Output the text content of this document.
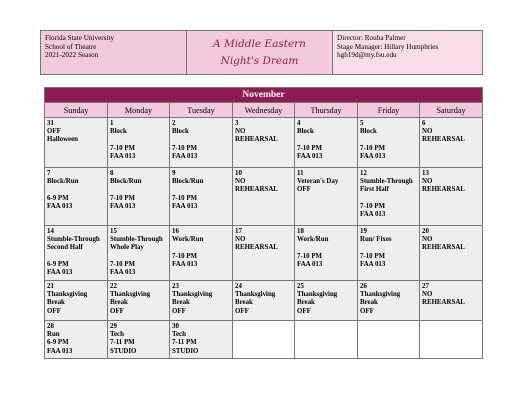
Florida State University
School of Theatre
2021-2022 Season
A Middle Eastern Night's Dream
Director: Rouba Palmer
Stage Manager: Hillary Humphries
hgh19d@my.fsu.edu
November						
Sunday	Monday	Tuesday	Wednesday	Thursday	Friday	Saturday

31
OFF
Halloween	1
Block
7-10 PM
FAA 013	2
Block
7-10 PM
FAA 013	3
NO
REHEARSAL	4
Block
7-10 PM
FAA 013	5
Block
7-10 PM
FAA 013	6
NO
REHEARSAL

7
Block/Run
6-9 PM
FAA 013	8
Block/Run
7-10 PM
FAA 013	9
Block/Run
7-10 PM
FAA 013	10
NO
REHEARSAL	11
Veteran's Day
OFF	12
Stumble-Through
First Half
7-10 PM
FAA 013	13
NO
REHEARSAL

14
Stumble-Through
Second Half
6-9 PM
FAA 013	15
Stumble-Through
Whole Play
7-10 PM
FAA 013	16
Work/Run
7-10 PM
FAA 013	17
NO
REHEARSAL	18
Work/Run
7-10 PM
FAA 013	19
Run/ Fixes
7-10 PM
FAA 013	20
NO
REHEARSAL

21
Thanksgiving
Break
OFF	22
Thanksgiving
Break
OFF	23
Thanksgiving
Break
OFF	24
Thanksgiving
Break
OFF	25
Thanksgiving
Break
OFF	26
Thanksgiving
Break
OFF	27
NO
REHEARSAL

28
Run
6-9 PM
FAA 013	29
Tech
7-11 PM
STUDIO	30
Tech
7-11 PM
STUDIO				
